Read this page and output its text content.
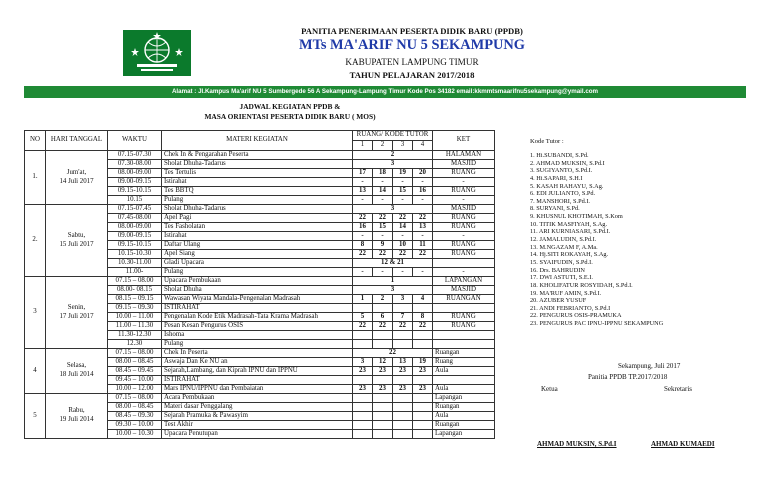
PANITIA PENERIMAAN PESERTA DIDIK BARU (PPDB)
MTs MA'ARIF NU 5 SEKAMPUNG
KABUPATEN LAMPUNG TIMUR
TAHUN PELAJARAN 2017/2018
Alamat : Jl.Kampus Ma'arif NU 5 Sumbergede 56 A Sekampung-Lampung Timur Kode Pos 34182 email:kkmmtsmaarifnu5sekampung@ymail.com
JADWAL KEGIATAN PPDB &
MASA ORIENTASI PESERTA DIDIK BARU ( MOS)
NO	HARI TANGGAL	WAKTU	MATERI KEGIATAN	RUANG/ KODE TUTOR				KET
				1	2	3	4	
1.	Jum'at,
14 Juli 2017	07.15-07.30	Chek In & Pengarahan Peserta	2				HALAMAN
		07.30-08.00	Sholat Dhuha-Tadarus	3				MASJID
		08.00-09.00	Tes Tertulis	17	18	19	20	RUANG
		09.00-09.15	Istirahat	-	-	-	-	-
		09.15-10.15	Tes BBTQ	13	14	15	16	RUANG
		10.15	Pulang	-	-	-	-	-
2.	Sabtu,
15 Juli 2017	07.15-07.45	Sholat Dhuha-Tadarus	3				MASJID
		07.45-08.00	Apel Pagi	22	22	22	22	RUANG
		08.00-09.00	Tes Fasholatan	16	15	14	13	RUANG
		09.00-09.15	Istirahat	-	-	-	-	-
		09.15-10.15	Daftar Ulang	8	9	10	11	RUANG
		10.15-10.30	Apel Siang	22	22	22	22	RUANG
		10.30-11.00	Gladi Upacara	12 & 21				
		11.00-	Pulang	-	-	-	-	-
3	Senin,
17 Juli 2017	07.15 – 08.00	Upacara Pembukaan	1				LAPANGAN
		08.00- 08.15	Sholat Dhuha	3				MASJID
		08.15 – 09.15	Wawasan Wiyata Mandala-Pengenalan Madrasah	1	2	3	4	RUANGAN
		09.15 – 09.30	ISTIRAHAT					
		10.00 – 11.00	Pengenalan Kode Etik Madrasah-Tata Krama Madrasah	5	6	7	8	RUANG
		11.00 – 11.30	Pesan Kesan Pengurus OSIS	22	22	22	22	RUANG
		11.30-12.30	Ishoma					
		12.30	Pulang					
4	Selasa,
18 Juli 2014	07.15 – 08.00	Chek In Peserta	22				Ruangan
		08.00 – 08.45	Aswaja Dan Ke NU an	3	12	13	19	Ruang
		08.45 – 09.45	Sejarah,Lambang, dan Kiprah IPNU dan IPPNU	23	23	23	23	Aula
		09.45 – 10.00	ISTIRAHAT					
		10.00 – 12.00	Mars IPNU/IPPNU dan Pembaiatan	23	23	23	23	Aula
5	Rabu,
19 Juli 2014	07.15 – 08.00	Acara Pembukaan					Lapangan
		08.00 – 08.45	Materi dasar Penggalang					Ruangan
		08.45 – 09.30	Sejarah Pramuka & Pawasyim					Aula
		09.30 – 10.00	Test Akhir					Ruangan
		10.00 – 10.30	Upacara Penutupan					Lapangan
Kode Tutor :
1. Hi.SUBANDI, S.Pd.
2. AHMAD MUKSIN, S.Pd.I
3. SUGIYANTO, S.Pd.I.
4. Hi.SAPARI, S.H.I
5. KASAH RAHAYU, S.Ag.
6. EDI JULIANTO, S.Pd.
7. MANSHORI, S.Pd.I.
8. SURYANI, S.Pd.
9. KHUSNUL KHOTIMAH, S.Kom
10. TITIK MASFIYAH, S.Ag.
11. ARI KURNIASARI, S.Pd.I.
12. JAMALUDIN, S.Pd.I.
13. M.NGAZAM F, A.Ma.
14. Hj.SITI ROKAYAH, S.Ag.
15. SYAIFUDIN, S.Pd.I.
16. Drs. BAHRUDIN
17. DWI ASTUTI, S.E.I.
18. KHOLIFATUR ROSYIDAH, S.Pd.I.
19. MA'RUF AMIN, S.Pd.I.
20. AZUBER YUSUF
21. ANDI FEBRIANTO, S.Pd.I
22. PENGURUS OSIS-PRAMUKA
23. PENGURUS PAC IPNU-IPPNU SEKAMPUNG
Sekampung, Juli 2017
Panitia PPDB TP.2017/2018
Ketua	Sekretaris
AHMAD MUKSIN, S.Pd.I	AHMAD KUMAEDI
